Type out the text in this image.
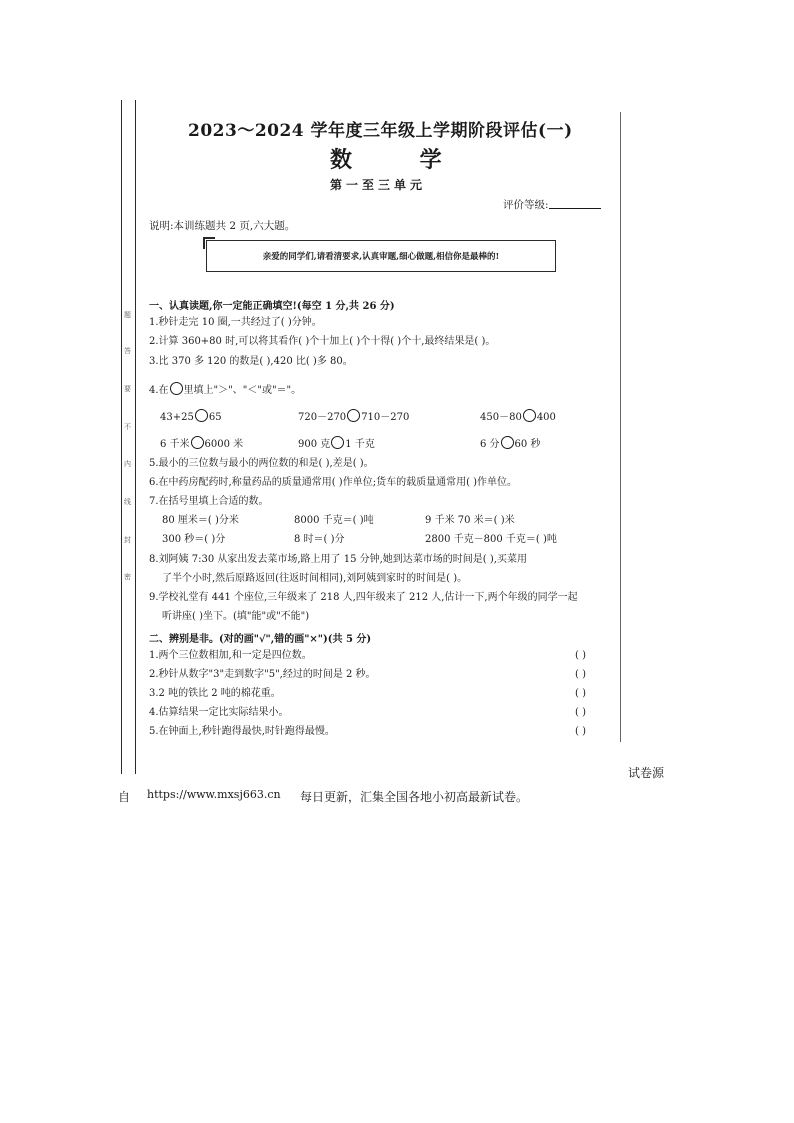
题
答
要
不
内
线
封
密
2023～2024 学年度三年级上学期阶段评估(一)
数 学
第一至三单元
评价等级:
说明:本训练题共 2 页,六大题。
亲爱的同学们,请看清要求,认真审题,细心做题,相信你是最棒的!
一、认真读题,你一定能正确填空!(每空 1 分,共 26 分)
1.秒针走完 10 圈,一共经过了( )分钟。
2.计算 360+80 时,可以将其看作( )个十加上( )个十得( )个十,最终结果是( )。
3.比 370 多 120 的数是( ),420 比( )多 80。
4.在 里填上"＞"、"＜"或"＝"。
43+25 65	720－270 710－270	450－80 400
6 千米 6000 米	900 克 1 千克	6 分 60 秒
5.最小的三位数与最小的两位数的和是( ),差是( )。
6.在中药房配药时,称量药品的质量通常用( )作单位;货车的载质量通常用( )作单位。
7.在括号里填上合适的数。
80 厘米＝( )分米	8000 千克＝( )吨	9 千米 70 米＝( )米
300 秒＝( )分	8 时＝( )分	2800 千克－800 千克＝( )吨
8.刘阿姨 7:30 从家出发去菜市场,路上用了 15 分钟,她到达菜市场的时间是( ),买菜用
了半个小时,然后原路返回(往返时间相同),刘阿姨到家时的时间是( )。
9.学校礼堂有 441 个座位,三年级来了 218 人,四年级来了 212 人,估计一下,两个年级的同学一起
听讲座( )坐下。(填"能"或"不能")
二、辨别是非。(对的画"√",错的画"×")(共 5 分)
1.两个三位数相加,和一定是四位数。	( )
2.秒针从数字"3"走到数字"5",经过的时间是 2 秒。	( )
3.2 吨的铁比 2 吨的棉花重。	( )
4.估算结果一定比实际结果小。	( )
5.在钟面上,秒针跑得最快,时针跑得最慢。	( )
试卷源
自 https://www.mxsj663.cn 每日更新，汇集全国各地小初高最新试卷。
